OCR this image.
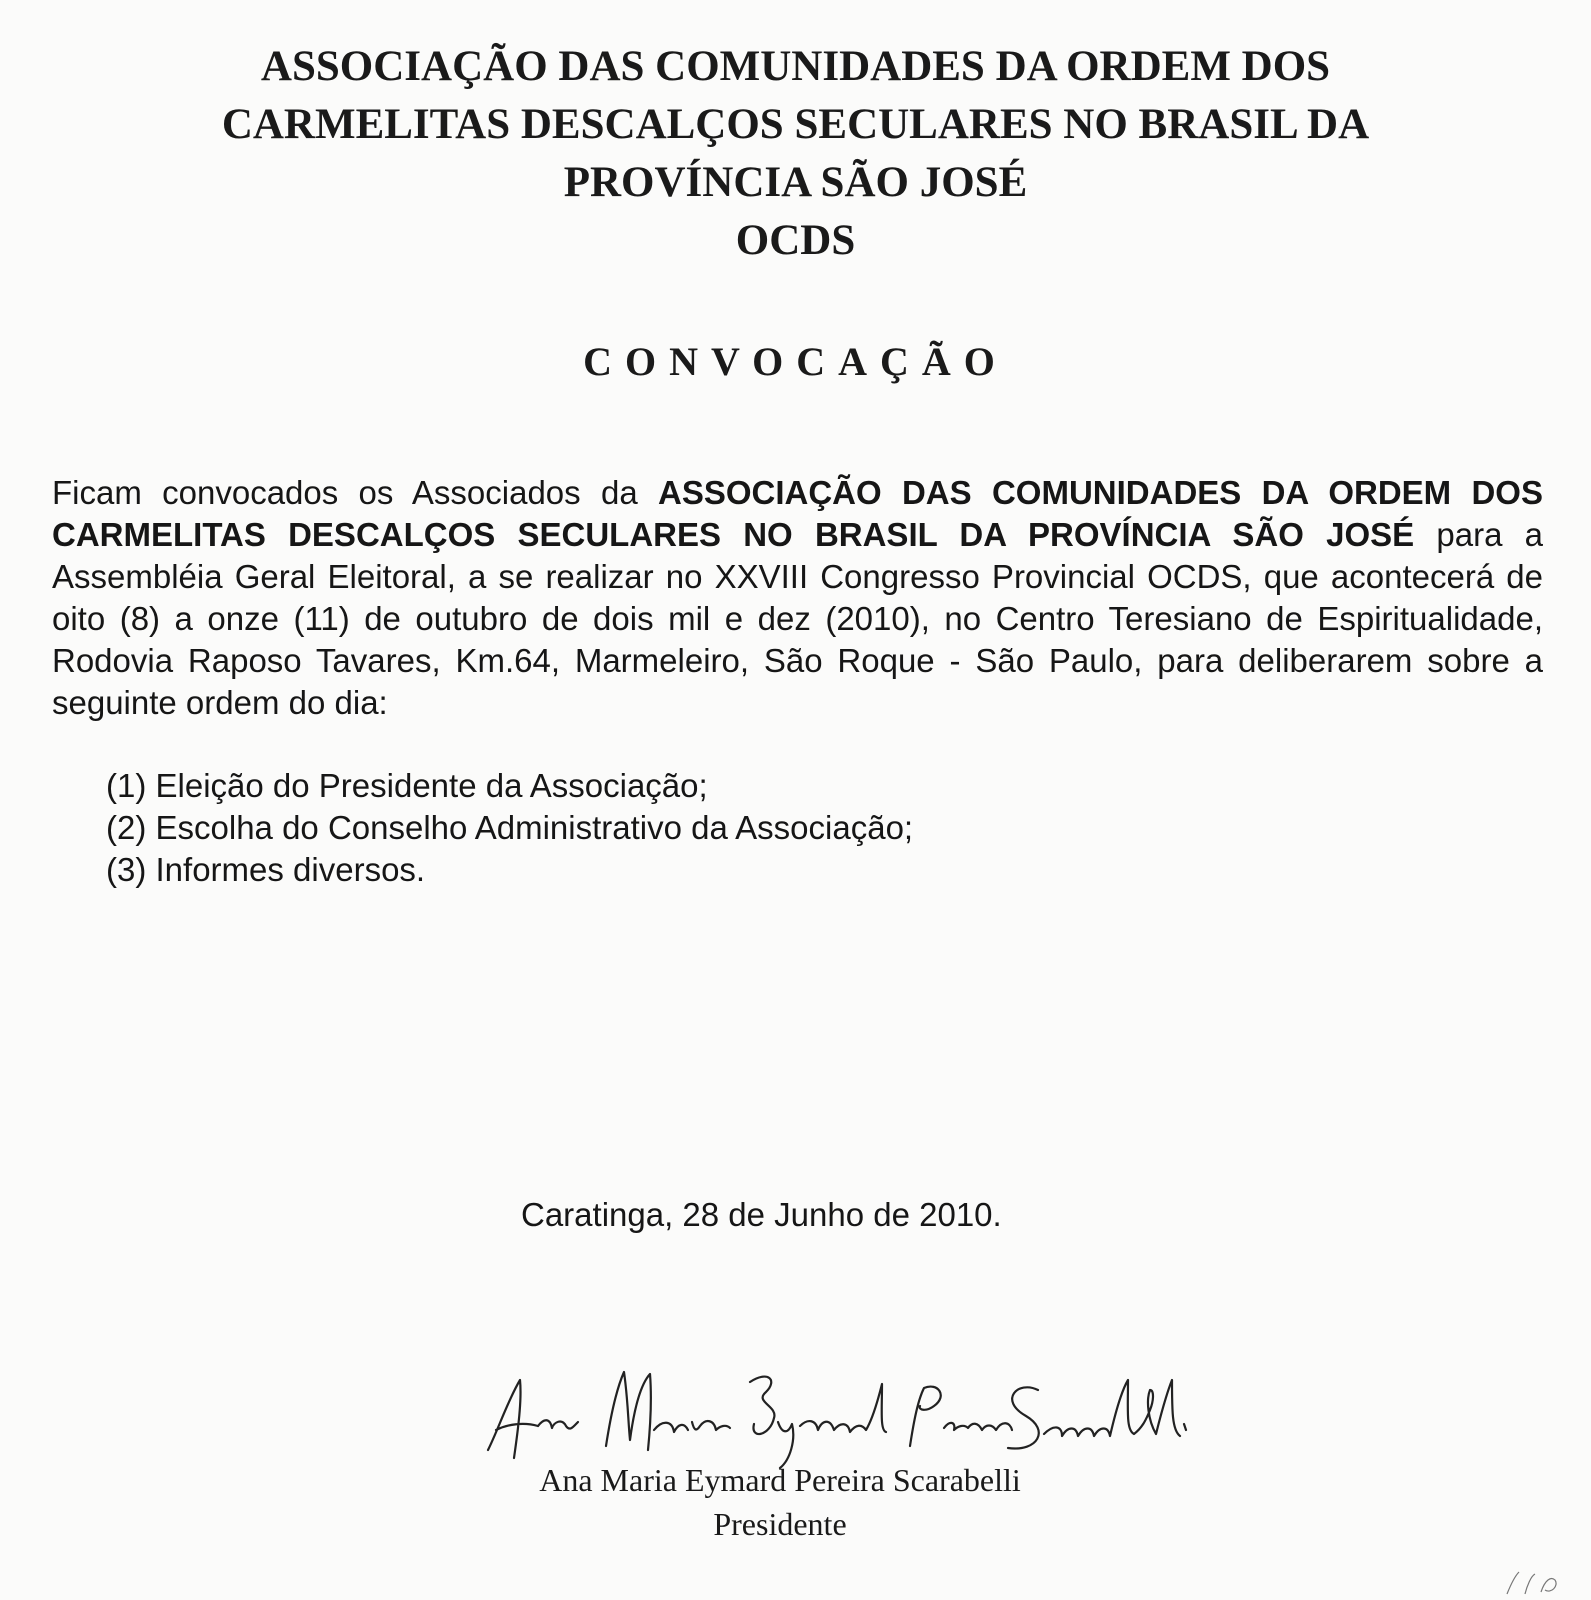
ASSOCIAÇÃO DAS COMUNIDADES DA ORDEM DOS
CARMELITAS DESCALÇOS SECULARES NO BRASIL DA
PROVÍNCIA SÃO JOSÉ
OCDS
CONVOCAÇÃO
Ficam convocados os Associados da ASSOCIAÇÃO DAS COMUNIDADES DA ORDEM DOS CARMELITAS DESCALÇOS SECULARES NO BRASIL DA PROVÍNCIA SÃO JOSÉ para a Assembléia Geral Eleitoral, a se realizar no XXVIII Congresso Provincial OCDS, que acontecerá de oito (8) a onze (11) de outubro de dois mil e dez (2010), no Centro Teresiano de Espiritualidade, Rodovia Raposo Tavares, Km.64, Marmeleiro, São Roque - São Paulo, para deliberarem sobre a seguinte ordem do dia:
(1) Eleição do Presidente da Associação;
(2) Escolha do Conselho Administrativo da Associação;
(3) Informes diversos.
Caratinga, 28 de Junho de 2010.
Ana Maria Eymard Pereira Scarabelli
Presidente
